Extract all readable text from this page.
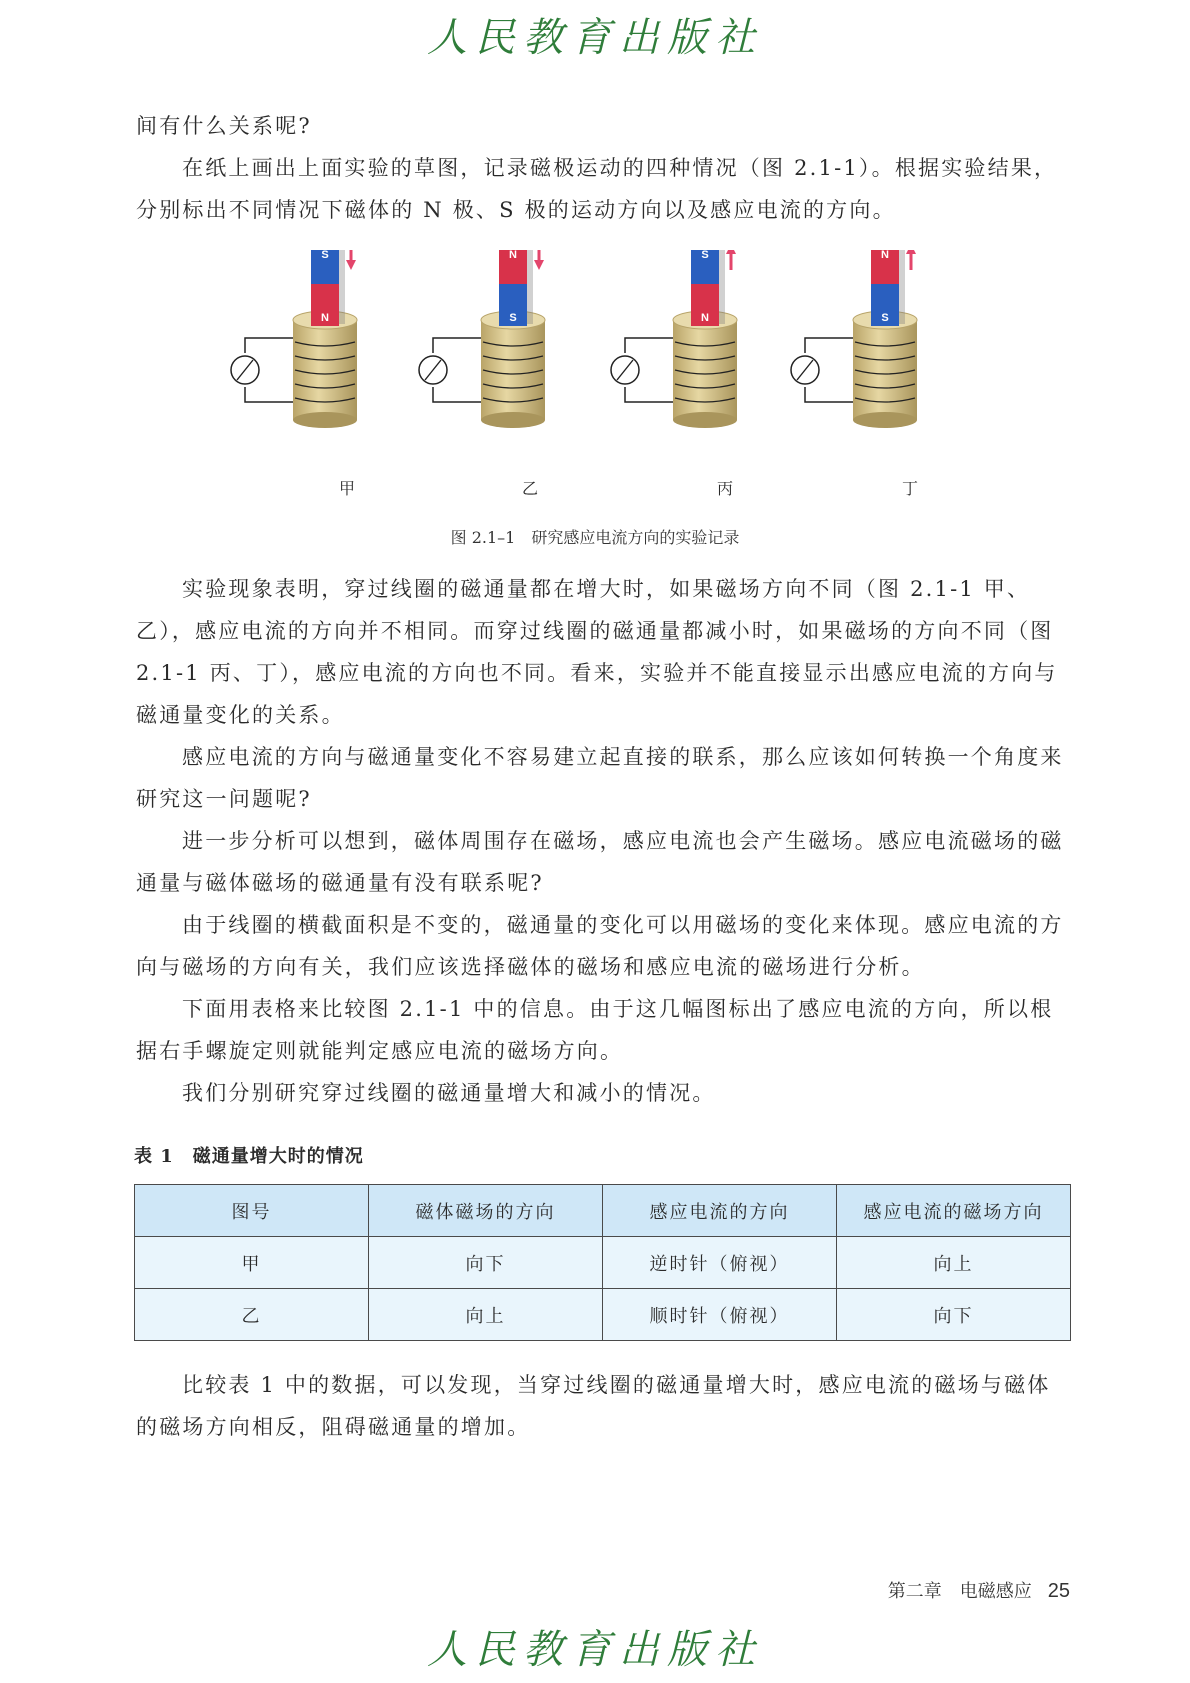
人民教育出版社

间有什么关系呢?

在纸上画出上面实验的草图，记录磁极运动的四种情况（图 2.1-1）。根据实验结果，分别标出不同情况下磁体的 N 极、S 极的运动方向以及感应电流的方向。

S
N
N
S
S
N
N
S
甲	乙	丙	丁
图 2.1–1　研究感应电流方向的实验记录

实验现象表明，穿过线圈的磁通量都在增大时，如果磁场方向不同（图 2.1-1 甲、乙），感应电流的方向并不相同。而穿过线圈的磁通量都减小时，如果磁场的方向不同（图 2.1-1 丙、丁），感应电流的方向也不同。看来，实验并不能直接显示出感应电流的方向与磁通量变化的关系。

感应电流的方向与磁通量变化不容易建立起直接的联系，那么应该如何转换一个角度来研究这一问题呢?

进一步分析可以想到，磁体周围存在磁场，感应电流也会产生磁场。感应电流磁场的磁通量与磁体磁场的磁通量有没有联系呢?

由于线圈的横截面积是不变的，磁通量的变化可以用磁场的变化来体现。感应电流的方向与磁场的方向有关，我们应该选择磁体的磁场和感应电流的磁场进行分析。

下面用表格来比较图 2.1-1 中的信息。由于这几幅图标出了感应电流的方向，所以根据右手螺旋定则就能判定感应电流的磁场方向。

我们分别研究穿过线圈的磁通量增大和减小的情况。

表 1　磁通量增大时的情况
图号	磁体磁场的方向	感应电流的方向	感应电流的磁场方向
甲	向下	逆时针（俯视）	向上
乙	向上	顺时针（俯视）	向下

比较表 1 中的数据，可以发现，当穿过线圈的磁通量增大时，感应电流的磁场与磁体的磁场方向相反，阻碍磁通量的增加。

第二章　电磁感应 25
人民教育出版社
